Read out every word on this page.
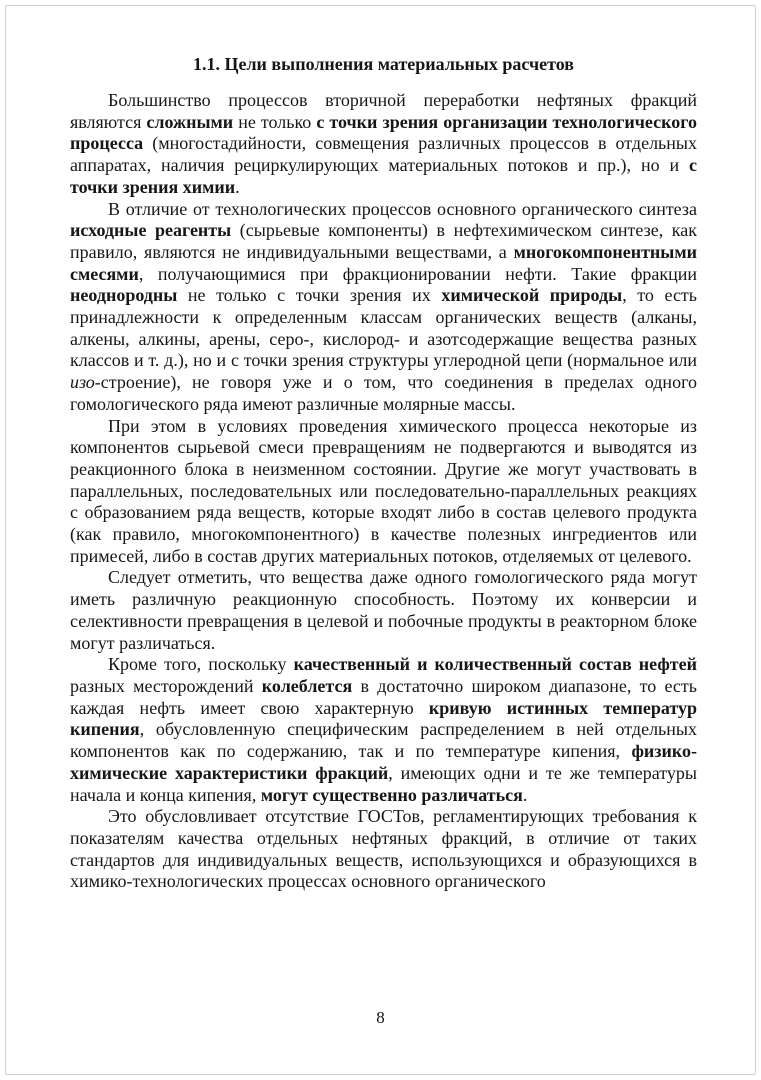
1.1. Цели выполнения материальных расчетов

Большинство процессов вторичной переработки нефтяных фракций являются сложными не только с точки зрения организации технологического процесса (многостадийности, совмещения различных процессов в отдельных аппаратах, наличия рециркулирующих материальных потоков и пр.), но и с точки зрения химии.

В отличие от технологических процессов основного органического синтеза исходные реагенты (сырьевые компоненты) в нефтехимическом синтезе, как правило, являются не индивидуальными веществами, а многокомпонентными смесями, получающимися при фракционировании нефти. Такие фракции неоднородны не только с точки зрения их химической природы, то есть принадлежности к определенным классам органических веществ (алканы, алкены, алкины, арены, серо-, кислород- и азотсодержащие вещества разных классов и т. д.), но и с точки зрения структуры углеродной цепи (нормальное или изо-строение), не говоря уже и о том, что соединения в пределах одного гомологического ряда имеют различные молярные массы.

При этом в условиях проведения химического процесса некоторые из компонентов сырьевой смеси превращениям не подвергаются и выводятся из реакционного блока в неизменном состоянии. Другие же могут участвовать в параллельных, последовательных или последовательно-параллельных реакциях с образованием ряда веществ, которые входят либо в состав целевого продукта (как правило, многокомпонентного) в качестве полезных ингредиентов или примесей, либо в состав других материальных потоков, отделяемых от целевого.

Следует отметить, что вещества даже одного гомологического ряда могут иметь различную реакционную способность. Поэтому их конверсии и селективности превращения в целевой и побочные продукты в реакторном блоке могут различаться.

Кроме того, поскольку качественный и количественный состав нефтей разных месторождений колеблется в достаточно широком диапазоне, то есть каждая нефть имеет свою характерную кривую истинных температур кипения, обусловленную специфическим распределением в ней отдельных компонентов как по содержанию, так и по температуре кипения, физико-химические характеристики фракций, имеющих одни и те же температуры начала и конца кипения, могут существенно различаться.

Это обусловливает отсутствие ГОСТов, регламентирующих требования к показателям качества отдельных нефтяных фракций, в отличие от таких стандартов для индивидуальных веществ, использующихся и образующихся в химико-технологических процессах основного органического

8
